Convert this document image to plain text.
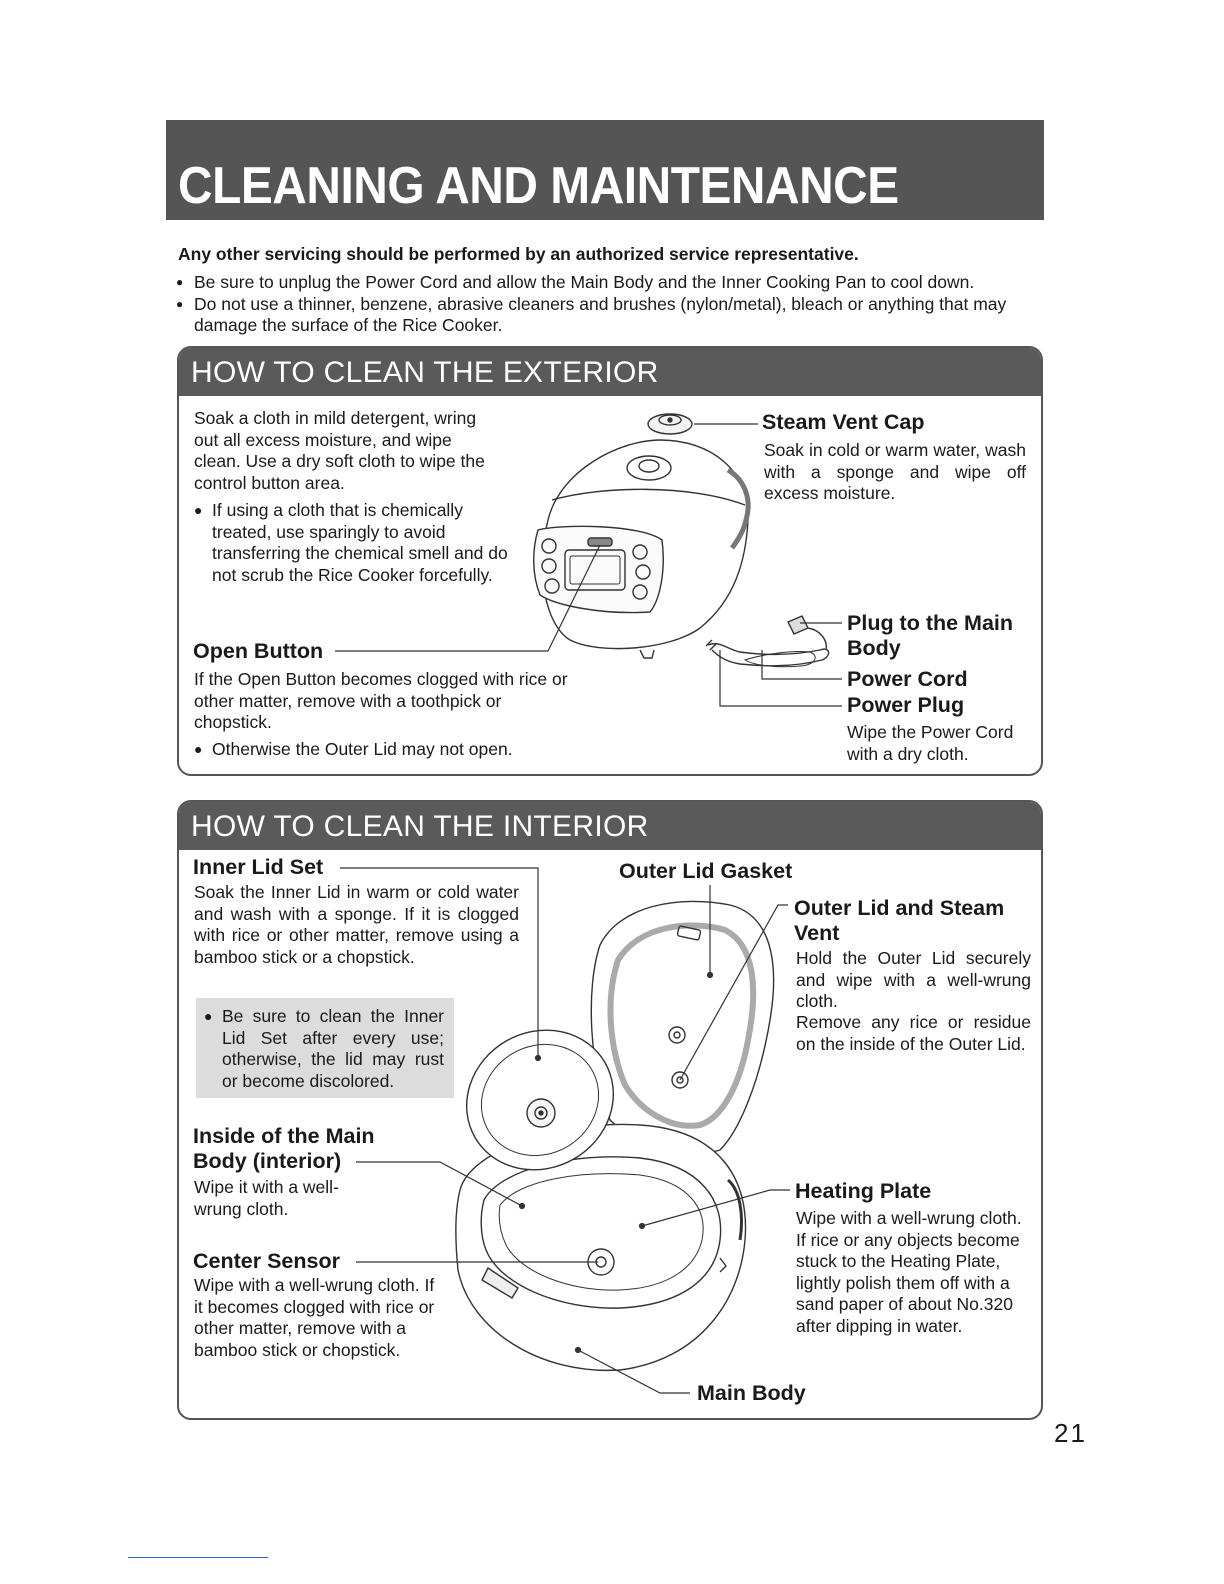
CLEANING AND MAINTENANCE
Any other servicing should be performed by an authorized service representative.
● Be sure to unplug the Power Cord and allow the Main Body and the Inner Cooking Pan to cool down.
● Do not use a thinner, benzene, abrasive cleaners and brushes (nylon/metal), bleach or anything that may damage the surface of the Rice Cooker.
HOW TO CLEAN THE EXTERIOR
HOW TO CLEAN THE INTERIOR
Soak a cloth in mild detergent, wring out all excess moisture, and wipe clean. Use a dry soft cloth to wipe the control button area.
● If using a cloth that is chemically treated, use sparingly to avoid transferring the chemical smell and do not scrub the Rice Cooker forcefully.
Open Button
If the Open Button becomes clogged with rice or other matter, remove with a toothpick or chopstick.
● Otherwise the Outer Lid may not open.
Steam Vent Cap
Soak in cold or warm water, wash with a sponge and wipe off excess moisture.
Plug to the Main Body
Power Cord
Power Plug
Wipe the Power Cord with a dry cloth.
Inner Lid Set
Soak the Inner Lid in warm or cold water and wash with a sponge. If it is clogged with rice or other matter, remove using a bamboo stick or a chopstick.
● Be sure to clean the Inner Lid Set after every use; otherwise, the lid may rust or become discolored.
Inside of the Main Body (interior)
Wipe it with a well-wrung cloth.
Center Sensor
Wipe with a well-wrung cloth. If it becomes clogged with rice or other matter, remove with a bamboo stick or chopstick.
Outer Lid Gasket
Outer Lid and Steam Vent
Hold the Outer Lid securely and wipe with a well-wrung cloth.
Remove any rice or residue on the inside of the Outer Lid.
Heating Plate
Wipe with a well-wrung cloth. If rice or any objects become stuck to the Heating Plate, lightly polish them off with a sand paper of about No.320 after dipping in water.
Main Body
21
